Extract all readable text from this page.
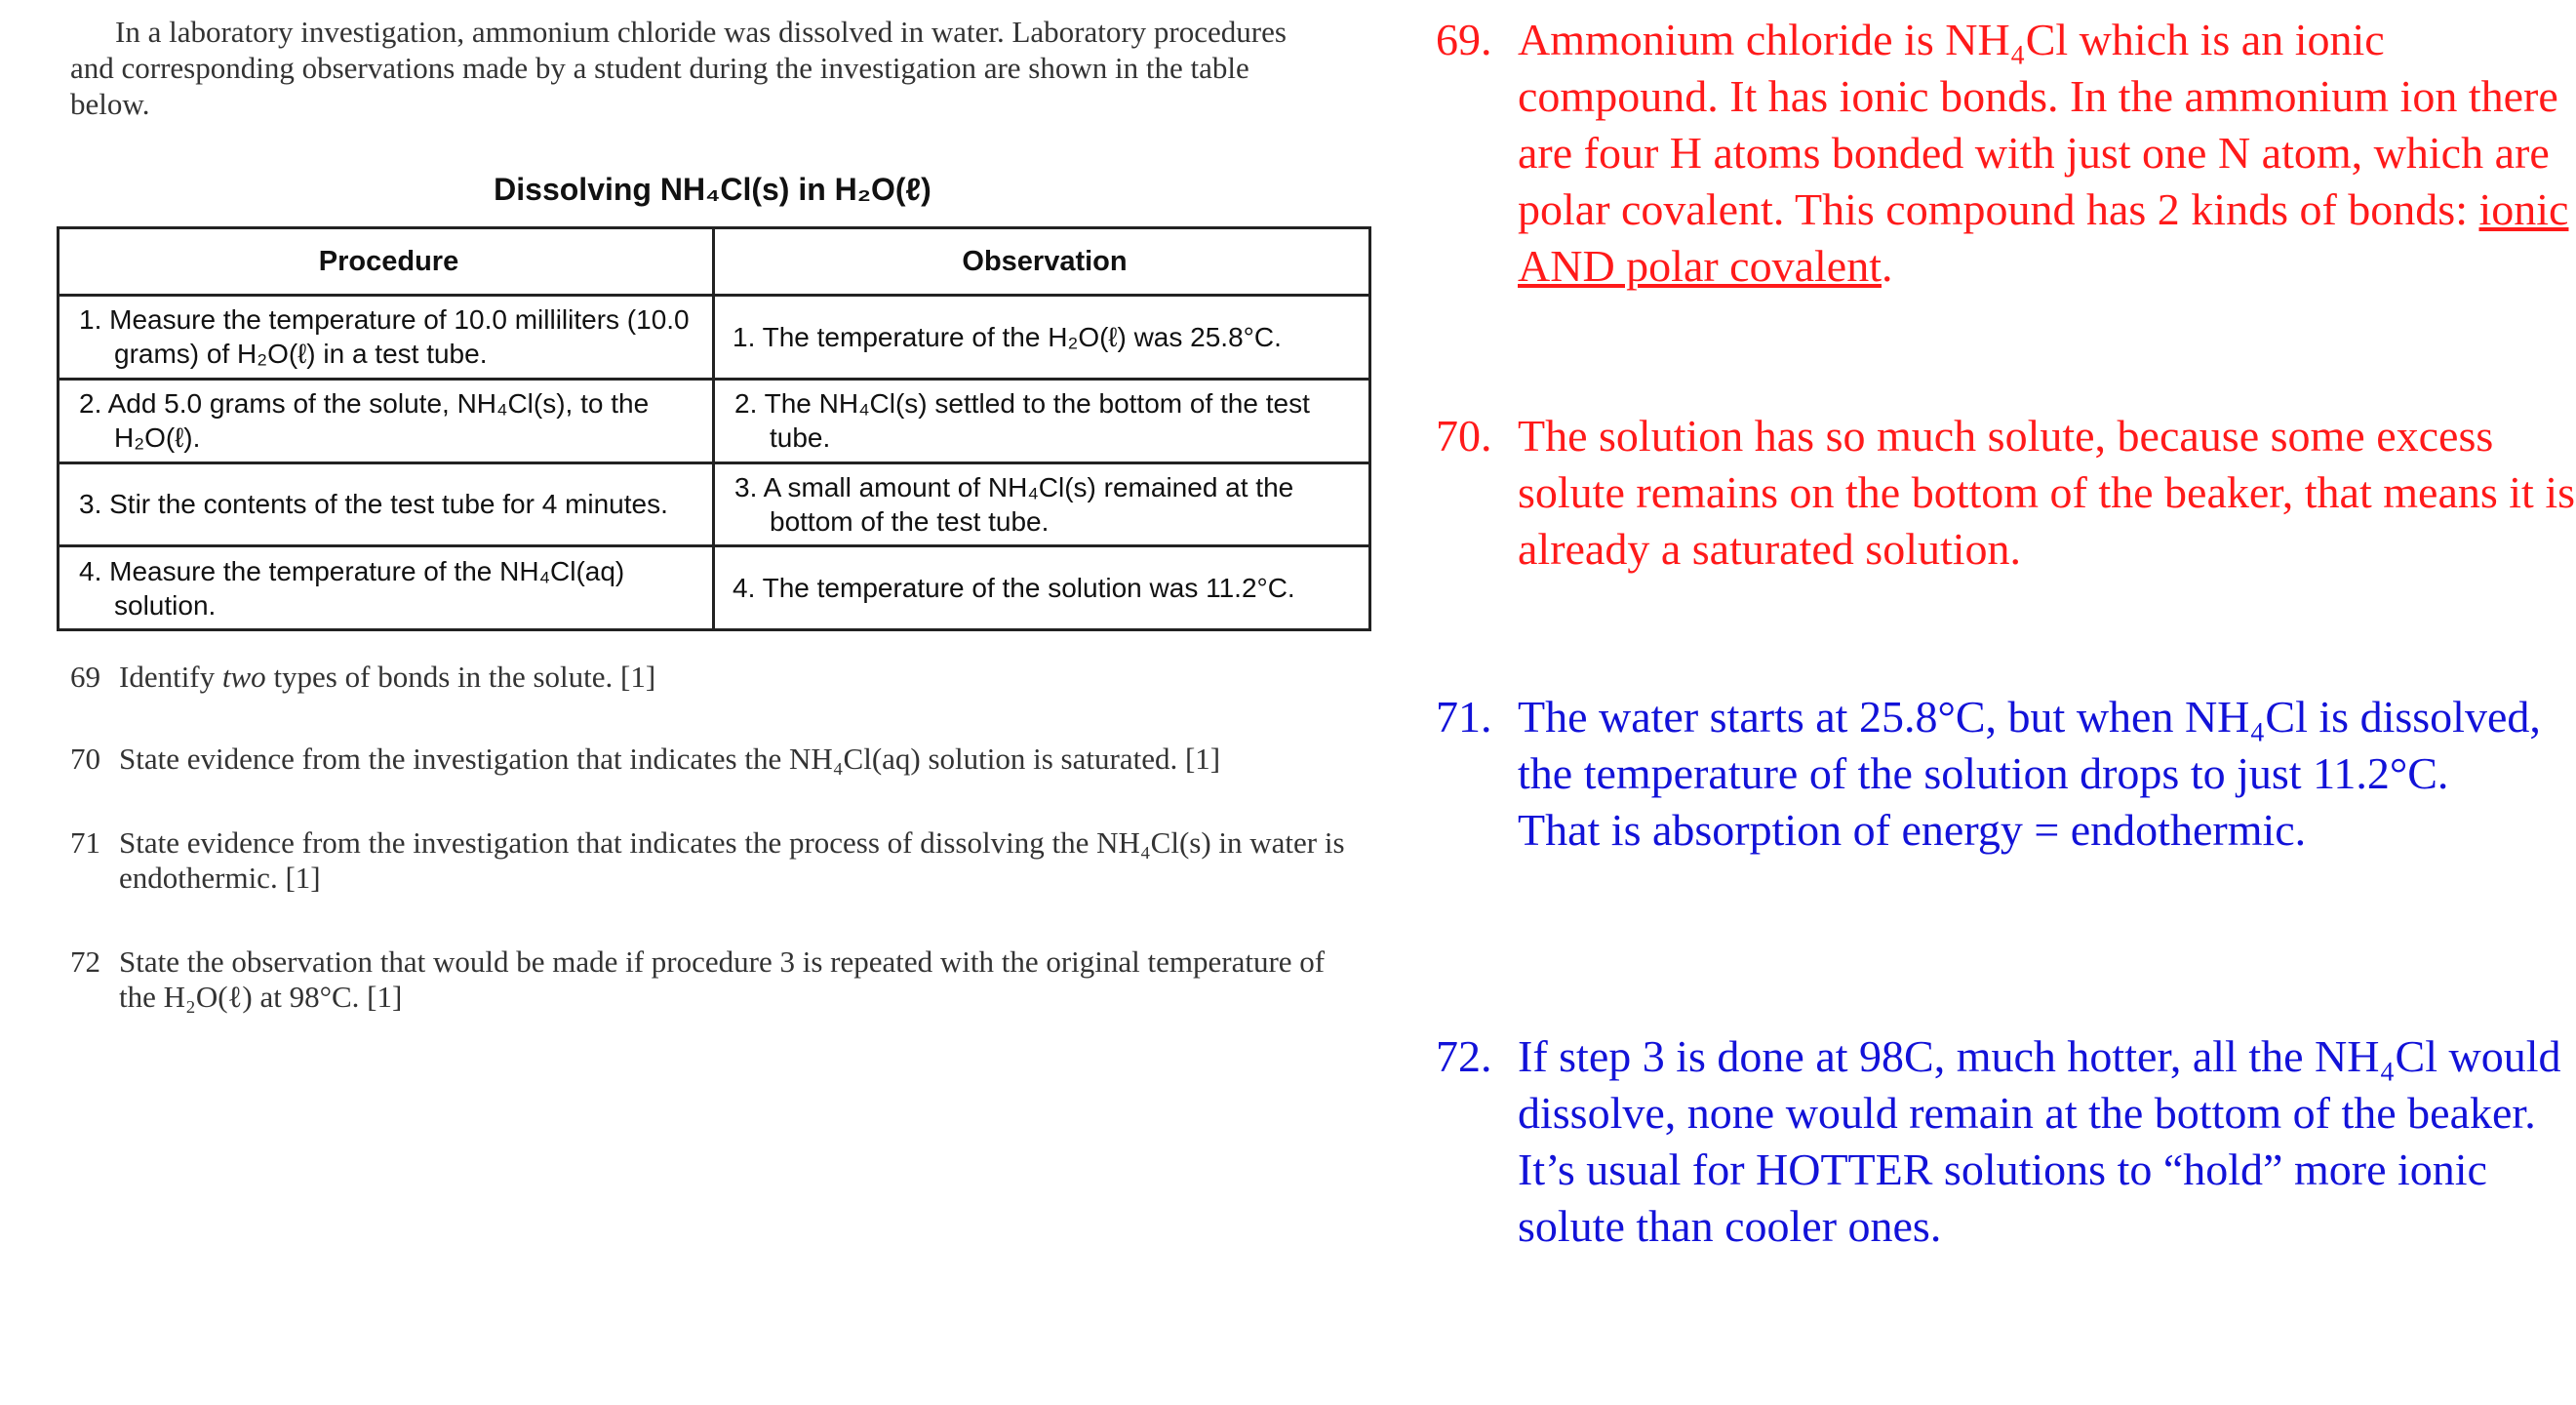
In a laboratory investigation, ammonium chloride was dissolved in water. Laboratory procedures and corresponding observations made by a student during the investigation are shown in the table below.
Dissolving NH₄Cl(s) in H₂O(ℓ)
Procedure	Observation
1. Measure the temperature of 10.0 milliliters (10.0 grams) of H₂O(ℓ) in a test tube.	1. The temperature of the H₂O(ℓ) was 25.8°C.
2. Add 5.0 grams of the solute, NH₄Cl(s), to the H₂O(ℓ).	2. The NH₄Cl(s) settled to the bottom of the test tube.
3. Stir the contents of the test tube for 4 minutes.	3. A small amount of NH₄Cl(s) remained at the bottom of the test tube.
4. Measure the temperature of the NH₄Cl(aq) solution.	4. The temperature of the solution was 11.2°C.
69 Identify two types of bonds in the solute. [1]
70 State evidence from the investigation that indicates the NH₄Cl(aq) solution is saturated. [1]
71 State evidence from the investigation that indicates the process of dissolving the NH₄Cl(s) in water is endothermic. [1]
72 State the observation that would be made if procedure 3 is repeated with the original temperature of the H₂O(ℓ) at 98°C. [1]
69. Ammonium chloride is NH₄Cl which is an ionic compound. It has ionic bonds. In the ammonium ion there are four H atoms bonded with just one N atom, which are polar covalent. This compound has 2 kinds of bonds: ionic AND polar covalent.
70. The solution has so much solute, because some excess solute remains on the bottom of the beaker, that means it is already a saturated solution.
71. The water starts at 25.8°C, but when NH₄Cl is dissolved, the temperature of the solution drops to just 11.2°C.
That is absorption of energy = endothermic.
72. If step 3 is done at 98C, much hotter, all the NH₄Cl would dissolve, none would remain at the bottom of the beaker. It’s usual for HOTTER solutions to “hold” more ionic solute than cooler ones.
